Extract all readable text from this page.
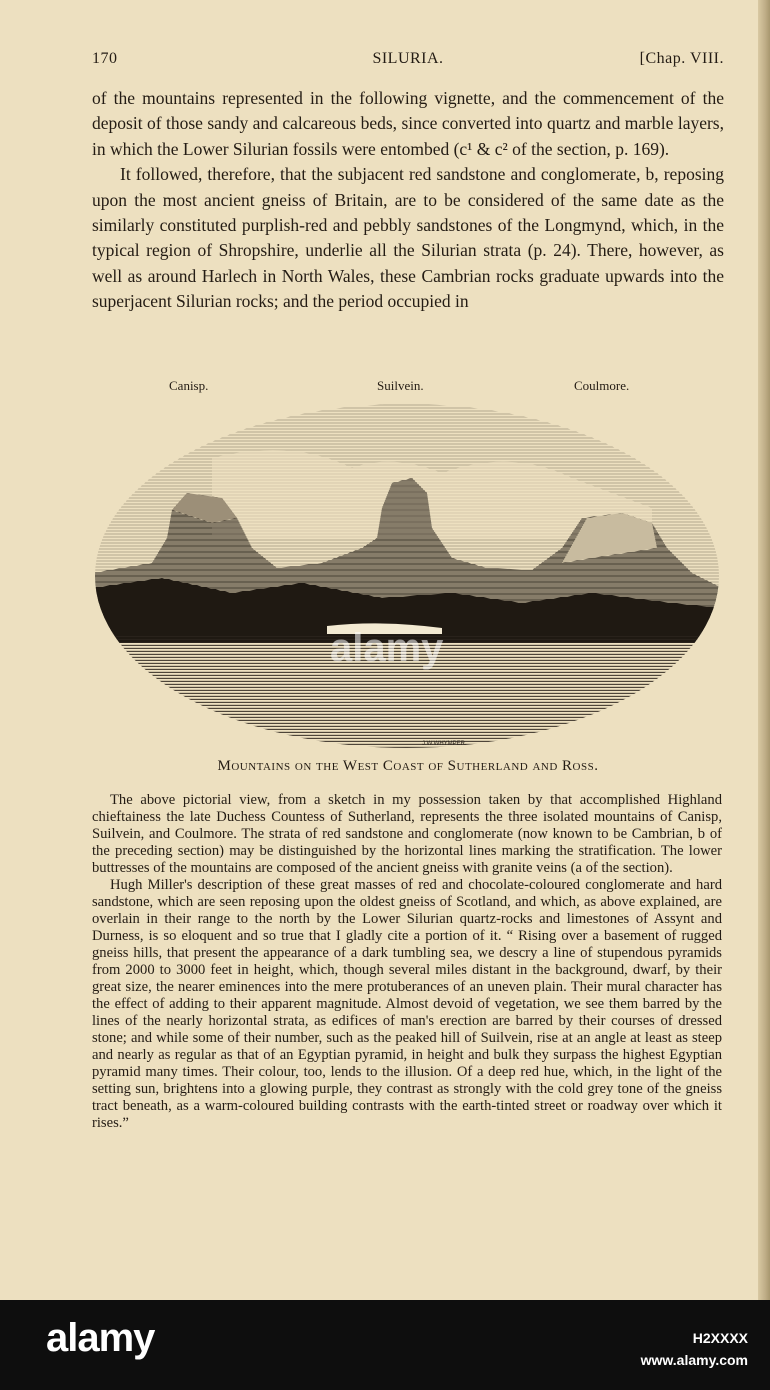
170	SILURIA.	[Chap. VIII.

of the mountains represented in the following vignette, and the commencement of the deposit of those sandy and calcareous beds, since converted into quartz and marble layers, in which the Lower Silurian fossils were entombed (c¹ & c² of the section, p. 169).

It followed, therefore, that the subjacent red sandstone and conglomerate, b, reposing upon the most ancient gneiss of Britain, are to be considered of the same date as the similarly constituted purplish-red and pebbly sandstones of the Longmynd, which, in the typical region of Shropshire, underlie all the Silurian strata (p. 24). There, however, as well as around Harlech in North Wales, these Cambrian rocks graduate upwards into the superjacent Silurian rocks; and the period occupied in

Canisp.	Suilvein.	Coulmore.
J.W.WHYMPER.
Mountains on the West Coast of Sutherland and Ross.

The above pictorial view, from a sketch in my possession taken by that accomplished Highland chieftainess the late Duchess Countess of Sutherland, represents the three isolated mountains of Canisp, Suilvein, and Coulmore. The strata of red sandstone and conglomerate (now known to be Cambrian, b of the preceding section) may be distinguished by the horizontal lines marking the stratification. The lower buttresses of the mountains are composed of the ancient gneiss with granite veins (a of the section).

Hugh Miller's description of these great masses of red and chocolate-coloured conglomerate and hard sandstone, which are seen reposing upon the oldest gneiss of Scotland, and which, as above explained, are overlain in their range to the north by the Lower Silurian quartz-rocks and limestones of Assynt and Durness, is so eloquent and so true that I gladly cite a portion of it. “ Rising over a basement of rugged gneiss hills, that present the appearance of a dark tumbling sea, we descry a line of stupendous pyramids from 2000 to 3000 feet in height, which, though several miles distant in the background, dwarf, by their great size, the nearer eminences into the mere protuberances of an uneven plain. Their mural character has the effect of adding to their apparent magnitude. Almost devoid of vegetation, we see them barred by the lines of the nearly horizontal strata, as edifices of man's erection are barred by their courses of dressed stone; and while some of their number, such as the peaked hill of Suilvein, rise at an angle at least as steep and nearly as regular as that of an Egyptian pyramid, in height and bulk they surpass the highest Egyptian pyramid many times. Their colour, too, lends to the illusion. Of a deep red hue, which, in the light of the setting sun, brightens into a glowing purple, they contrast as strongly with the cold grey tone of the gneiss tract beneath, as a warm-coloured building contrasts with the earth-tinted street or roadway over which it rises.”

alamy
alamy	H2XXXX
www.alamy.com
